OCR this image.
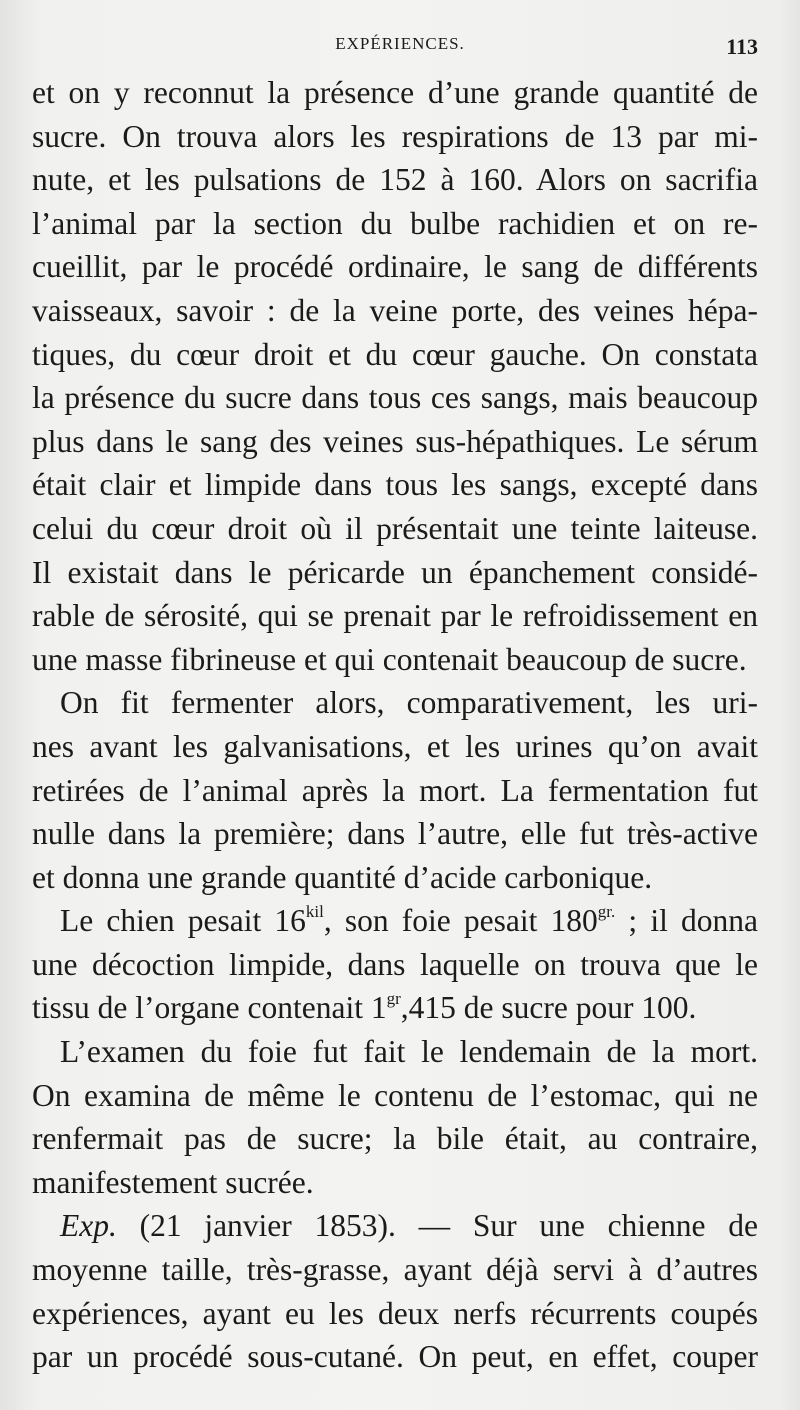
EXPÉRIENCES.	113
et on y reconnut la présence d’une grande quantité de
sucre. On trouva alors les respirations de 13 par mi-
nute, et les pulsations de 152 à 160. Alors on sacrifia
l’animal par la section du bulbe rachidien et on re-
cueillit, par le procédé ordinaire, le sang de différents
vaisseaux, savoir : de la veine porte, des veines hépa-
tiques, du cœur droit et du cœur gauche. On constata
la présence du sucre dans tous ces sangs, mais beaucoup
plus dans le sang des veines sus-hépathiques. Le sérum
était clair et limpide dans tous les sangs, excepté dans
celui du cœur droit où il présentait une teinte laiteuse.
Il existait dans le péricarde un épanchement considé-
rable de sérosité, qui se prenait par le refroidissement en
une masse fibrineuse et qui contenait beaucoup de sucre.
On fit fermenter alors, comparativement, les uri-
nes avant les galvanisations, et les urines qu’on avait
retirées de l’animal après la mort. La fermentation fut
nulle dans la première; dans l’autre, elle fut très-active
et donna une grande quantité d’acide carbonique.
Le chien pesait $16^{kil}$, son foie pesait $180^{gr.}$ ; il donna
une décoction limpide, dans laquelle on trouva que le
tissu de l’organe contenait $1^{gr},415$ de sucre pour 100.
L’examen du foie fut fait le lendemain de la mort.
On examina de même le contenu de l’estomac, qui ne
renfermait pas de sucre; la bile était, au contraire,
manifestement sucrée.
Exp. (21 janvier 1853). — Sur une chienne de
moyenne taille, très-grasse, ayant déjà servi à d’autres
expériences, ayant eu les deux nerfs récurrents coupés
par un procédé sous-cutané. On peut, en effet, couper
